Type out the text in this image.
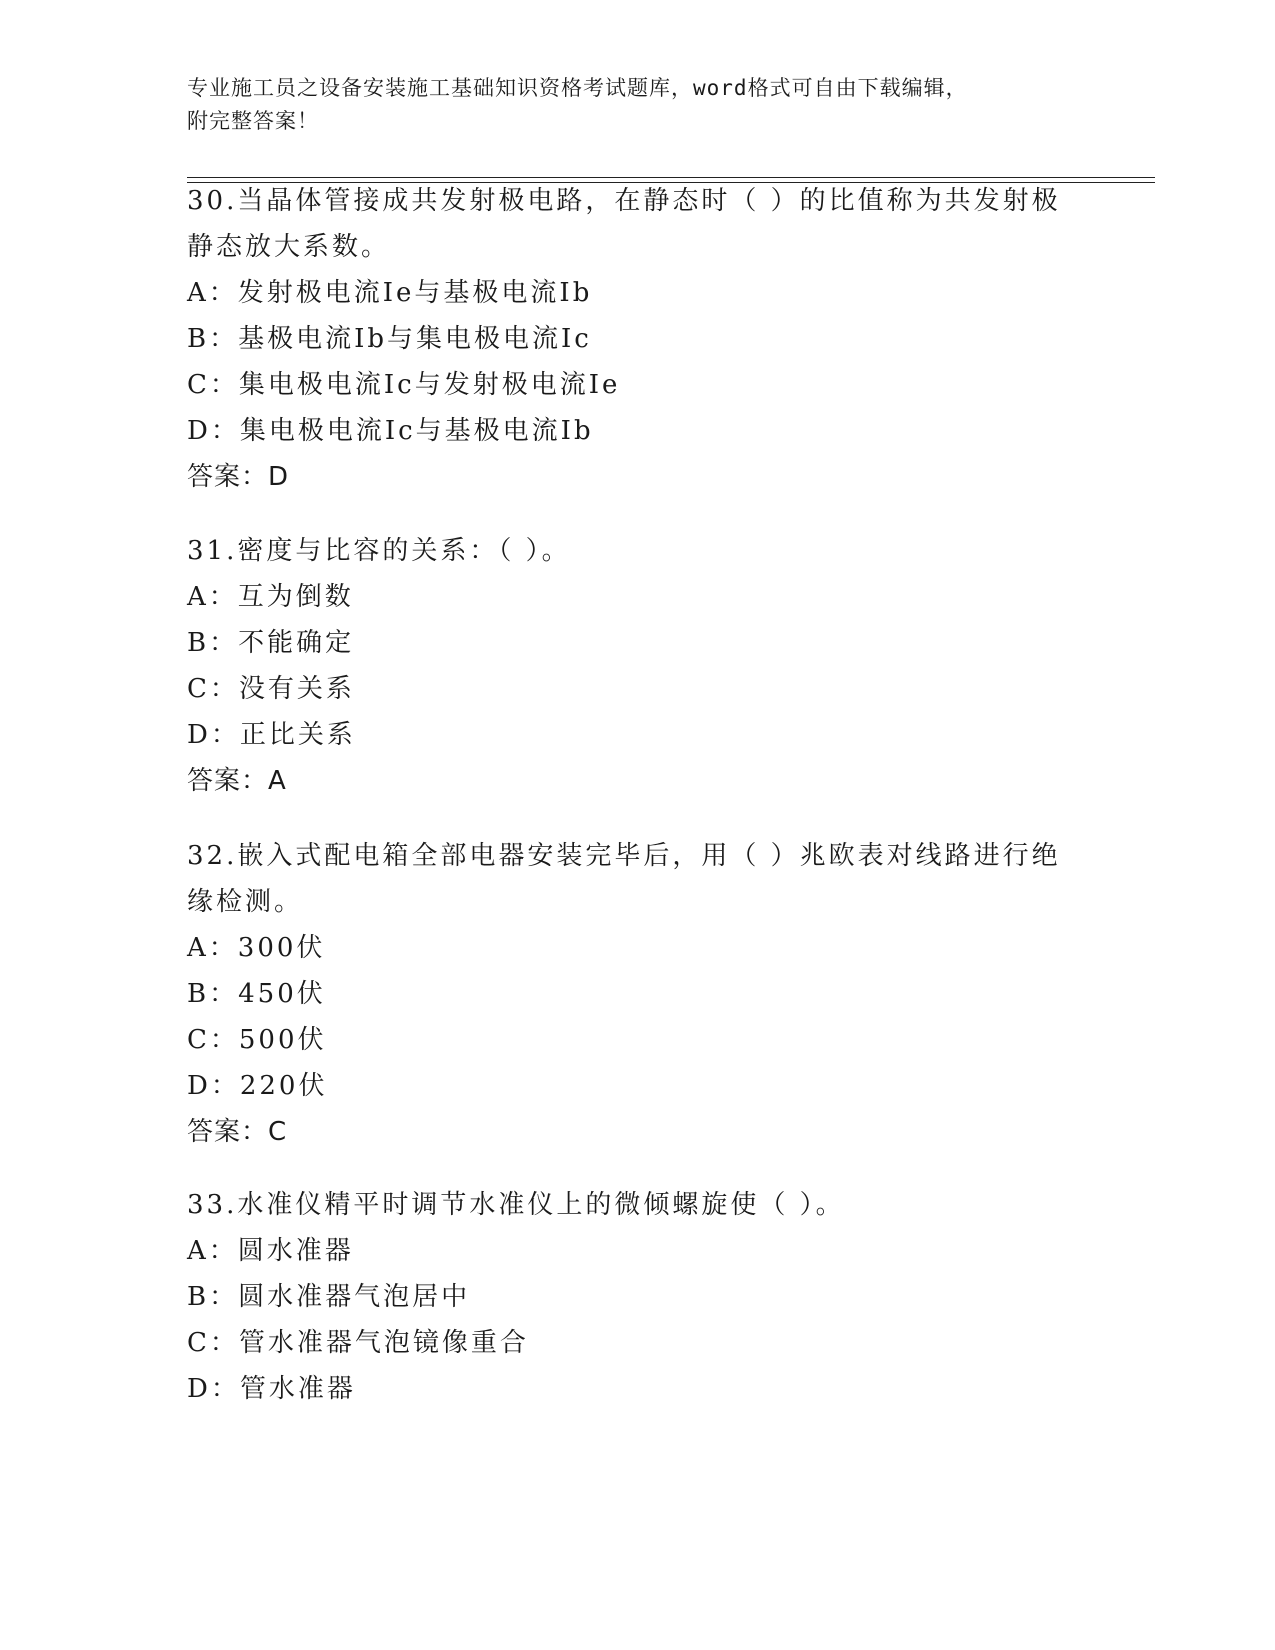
专业施工员之设备安装施工基础知识资格考试题库，word格式可自由下载编辑，
附完整答案！
30.当晶体管接成共发射极电路，在静态时（ ）的比值称为共发射极
静态放大系数。
A：发射极电流Ie与基极电流Ib
B：基极电流Ib与集电极电流Ic
C：集电极电流Ic与发射极电流Ie
D：集电极电流Ic与基极电流Ib
答案：D
31.密度与比容的关系：（ ）。
A：互为倒数
B：不能确定
C：没有关系
D：正比关系
答案：A
32.嵌入式配电箱全部电器安装完毕后，用（ ）兆欧表对线路进行绝
缘检测。
A：300伏
B：450伏
C：500伏
D：220伏
答案：C
33.水准仪精平时调节水准仪上的微倾螺旋使（ ）。
A：圆水准器
B：圆水准器气泡居中
C：管水准器气泡镜像重合
D：管水准器
